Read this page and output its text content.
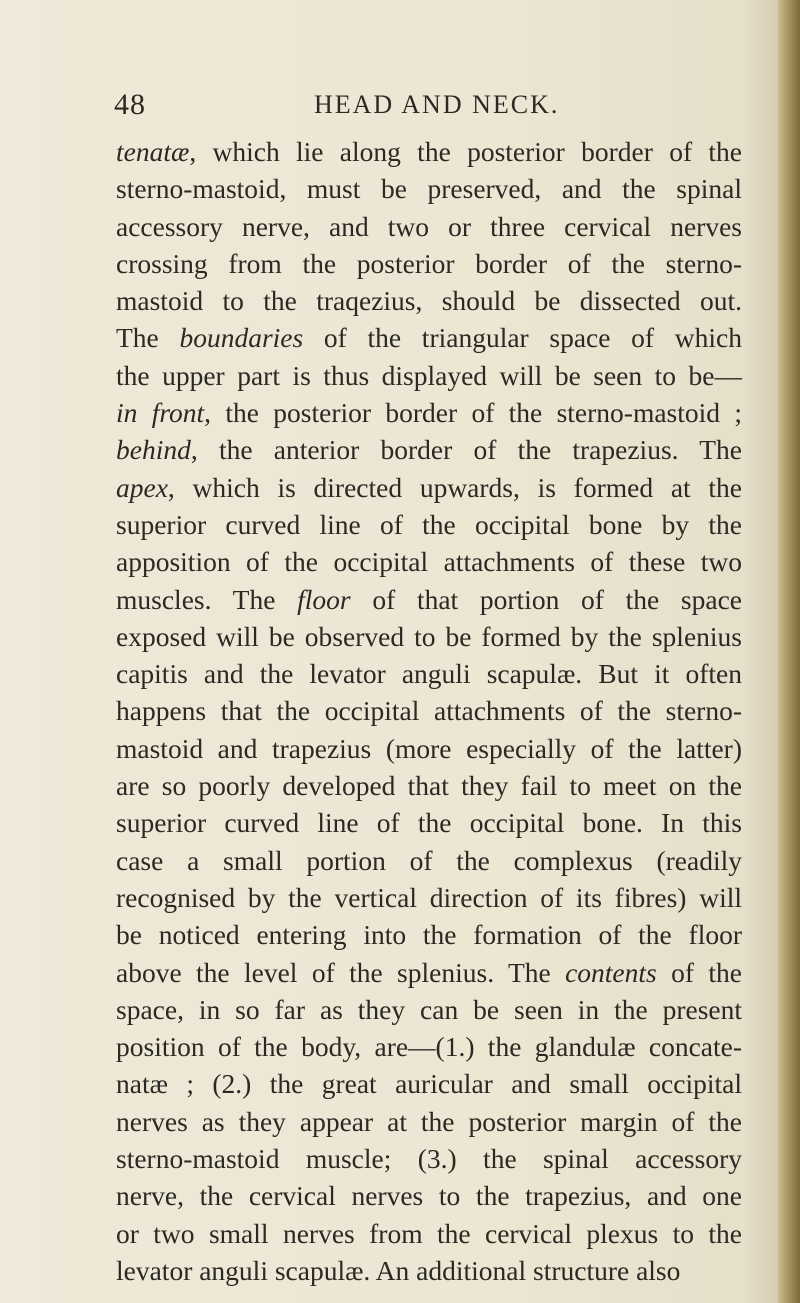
48	HEAD AND NECK.
tenatæ, which lie along the posterior border of the
sterno-mastoid, must be preserved, and the spinal
accessory nerve, and two or three cervical nerves
crossing from the posterior border of the sterno-
mastoid to the traqezius, should be dissected out.
The boundaries of the triangular space of which
the upper part is thus displayed will be seen to be—
in front, the posterior border of the sterno-mastoid ;
behind, the anterior border of the trapezius. The
apex, which is directed upwards, is formed at the
superior curved line of the occipital bone by the
apposition of the occipital attachments of these two
muscles. The floor of that portion of the space
exposed will be observed to be formed by the splenius
capitis and the levator anguli scapulæ. But it often
happens that the occipital attachments of the sterno-
mastoid and trapezius (more especially of the latter)
are so poorly developed that they fail to meet on the
superior curved line of the occipital bone. In this
case a small portion of the complexus (readily
recognised by the vertical direction of its fibres) will
be noticed entering into the formation of the floor
above the level of the splenius. The contents of the
space, in so far as they can be seen in the present
position of the body, are—(1.) the glandulæ concate-
natæ ; (2.) the great auricular and small occipital
nerves as they appear at the posterior margin of the
sterno-mastoid muscle; (3.) the spinal accessory
nerve, the cervical nerves to the trapezius, and one
or two small nerves from the cervical plexus to the
levator anguli scapulæ. An additional structure also
